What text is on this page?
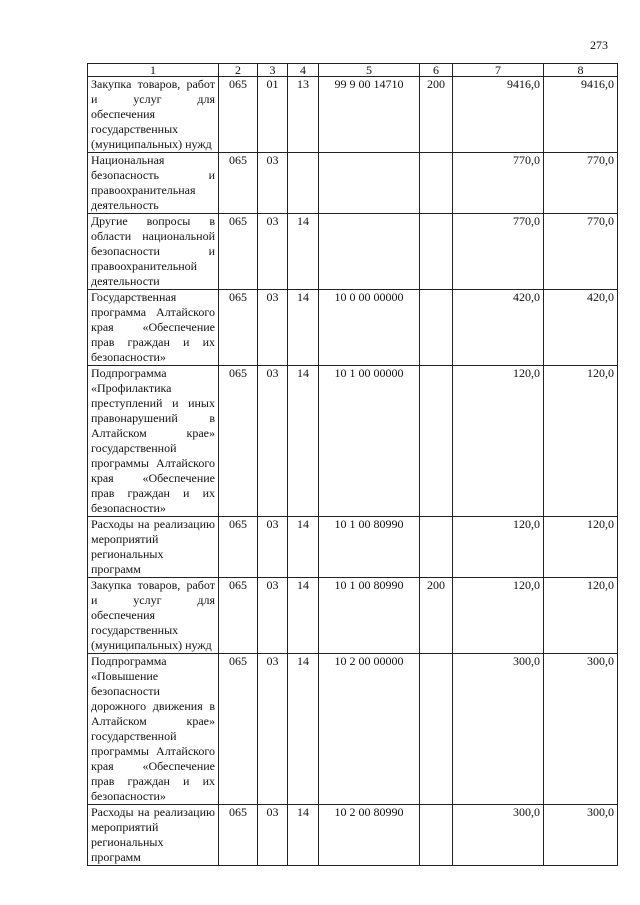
273
1	2	3	4	5	6	7	8
Закупка товаров, работ и услуг для обеспечения государственных (муниципальных) нужд	065	01	13	99 9 00 14710	200	9416,0	9416,0
Национальная безопасность и правоохранительная деятельность	065	03				770,0	770,0
Другие вопросы в области национальной безопасности и правоохранительной деятельности	065	03	14			770,0	770,0
Государственная программа Алтайского края «Обеспечение прав граждан и их безопасности»	065	03	14	10 0 00 00000		420,0	420,0
Подпрограмма «Профилактика преступлений и иных правонарушений в Алтайском крае» государственной программы Алтайского края «Обеспечение прав граждан и их безопасности»	065	03	14	10 1 00 00000		120,0	120,0
Расходы на реализацию мероприятий региональных программ	065	03	14	10 1 00 80990		120,0	120,0
Закупка товаров, работ и услуг для обеспечения государственных (муниципальных) нужд	065	03	14	10 1 00 80990	200	120,0	120,0
Подпрограмма «Повышение безопасности дорожного движения в Алтайском крае» государственной программы Алтайского края «Обеспечение прав граждан и их безопасности»	065	03	14	10 2 00 00000		300,0	300,0
Расходы на реализацию мероприятий региональных программ	065	03	14	10 2 00 80990		300,0	300,0
